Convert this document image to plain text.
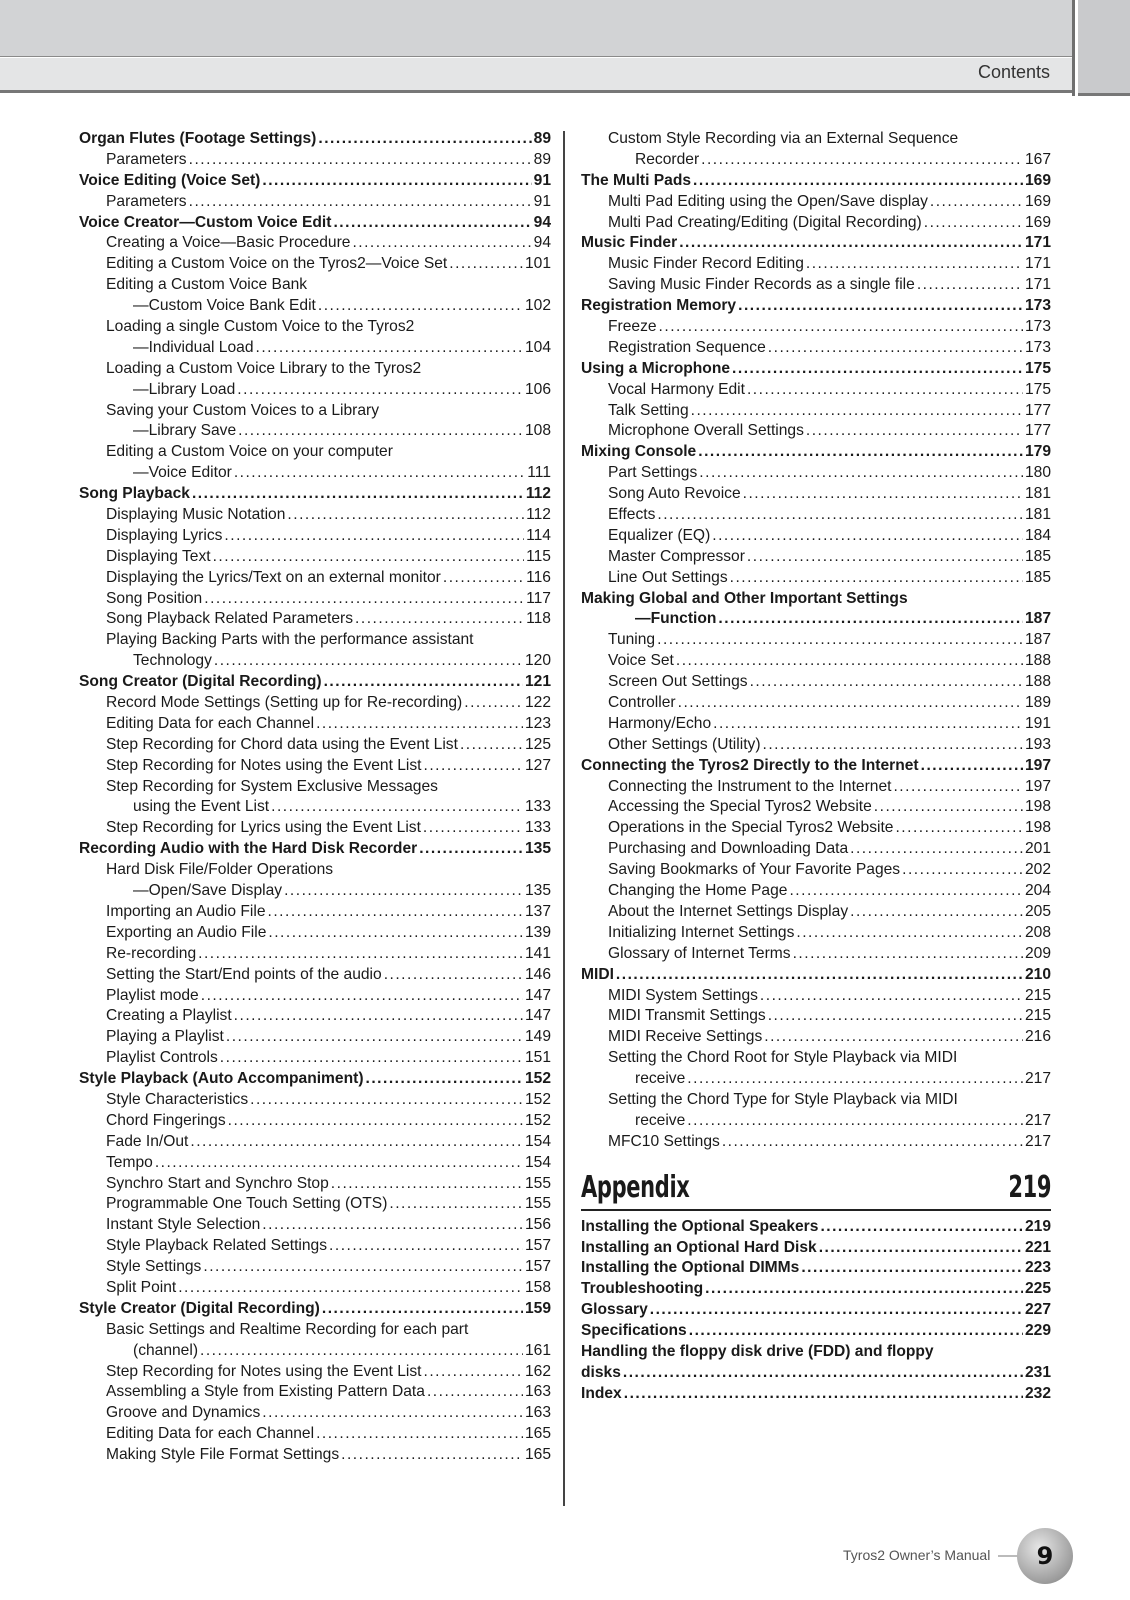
Contents
Organ Flutes (Footage Settings) .....	89
Parameters .....	89
Voice Editing (Voice Set) .....	91
Parameters .....	91
Voice Creator—Custom Voice Edit .....	94
Creating a Voice—Basic Procedure .....	94
Editing a Custom Voice on the Tyros2—Voice Set .....	101
Editing a Custom Voice Bank
—Custom Voice Bank Edit .....	102
Loading a single Custom Voice to the Tyros2
—Individual Load .....	104
Loading a Custom Voice Library to the Tyros2
—Library Load .....	106
Saving your Custom Voices to a Library
—Library Save .....	108
Editing a Custom Voice on your computer
—Voice Editor .....	111
Song Playback .....	112
Displaying Music Notation .....	112
Displaying Lyrics .....	114
Displaying Text .....	115
Displaying the Lyrics/Text on an external monitor .....	116
Song Position .....	117
Song Playback Related Parameters .....	118
Playing Backing Parts with the performance assistant
Technology .....	120
Song Creator (Digital Recording) .....	121
Record Mode Settings (Setting up for Re-recording) .....	122
Editing Data for each Channel .....	123
Step Recording for Chord data using the Event List .....	125
Step Recording for Notes using the Event List .....	127
Step Recording for System Exclusive Messages
using the Event List .....	133
Step Recording for Lyrics using the Event List .....	133
Recording Audio with the Hard Disk Recorder .....	135
Hard Disk File/Folder Operations
—Open/Save Display .....	135
Importing an Audio File .....	137
Exporting an Audio File .....	139
Re-recording .....	141
Setting the Start/End points of the audio .....	146
Playlist mode .....	147
Creating a Playlist .....	147
Playing a Playlist .....	149
Playlist Controls .....	151
Style Playback (Auto Accompaniment) .....	152
Style Characteristics .....	152
Chord Fingerings .....	152
Fade In/Out .....	154
Tempo .....	154
Synchro Start and Synchro Stop .....	155
Programmable One Touch Setting (OTS) .....	155
Instant Style Selection .....	156
Style Playback Related Settings .....	157
Style Settings .....	157
Split Point .....	158
Style Creator (Digital Recording) .....	159
Basic Settings and Realtime Recording for each part
(channel) .....	161
Step Recording for Notes using the Event List .....	162
Assembling a Style from Existing Pattern Data .....	163
Groove and Dynamics .....	163
Editing Data for each Channel .....	165
Making Style File Format Settings .....	165
Custom Style Recording via an External Sequence
Recorder .....	167
The Multi Pads .....	169
Multi Pad Editing using the Open/Save display .....	169
Multi Pad Creating/Editing (Digital Recording) .....	169
Music Finder .....	171
Music Finder Record Editing .....	171
Saving Music Finder Records as a single file .....	171
Registration Memory .....	173
Freeze .....	173
Registration Sequence .....	173
Using a Microphone .....	175
Vocal Harmony Edit .....	175
Talk Setting .....	177
Microphone Overall Settings .....	177
Mixing Console .....	179
Part Settings .....	180
Song Auto Revoice .....	181
Effects .....	181
Equalizer (EQ) .....	184
Master Compressor .....	185
Line Out Settings .....	185
Making Global and Other Important Settings
—Function .....	187
Tuning .....	187
Voice Set .....	188
Screen Out Settings .....	188
Controller .....	189
Harmony/Echo .....	191
Other Settings (Utility) .....	193
Connecting the Tyros2 Directly to the Internet .....	197
Connecting the Instrument to the Internet .....	197
Accessing the Special Tyros2 Website .....	198
Operations in the Special Tyros2 Website .....	198
Purchasing and Downloading Data .....	201
Saving Bookmarks of Your Favorite Pages .....	202
Changing the Home Page .....	204
About the Internet Settings Display .....	205
Initializing Internet Settings .....	208
Glossary of Internet Terms .....	209
MIDI .....	210
MIDI System Settings .....	215
MIDI Transmit Settings .....	215
MIDI Receive Settings .....	216
Setting the Chord Root for Style Playback via MIDI
receive .....	217
Setting the Chord Type for Style Playback via MIDI
receive .....	217
MFC10 Settings .....	217
Appendix	219
Installing the Optional Speakers .....	219
Installing an Optional Hard Disk .....	221
Installing the Optional DIMMs .....	223
Troubleshooting .....	225
Glossary .....	227
Specifications .....	229
Handling the floppy disk drive (FDD) and floppy
disks .....	231
Index .....	232
Tyros2 Owner’s Manual 9
